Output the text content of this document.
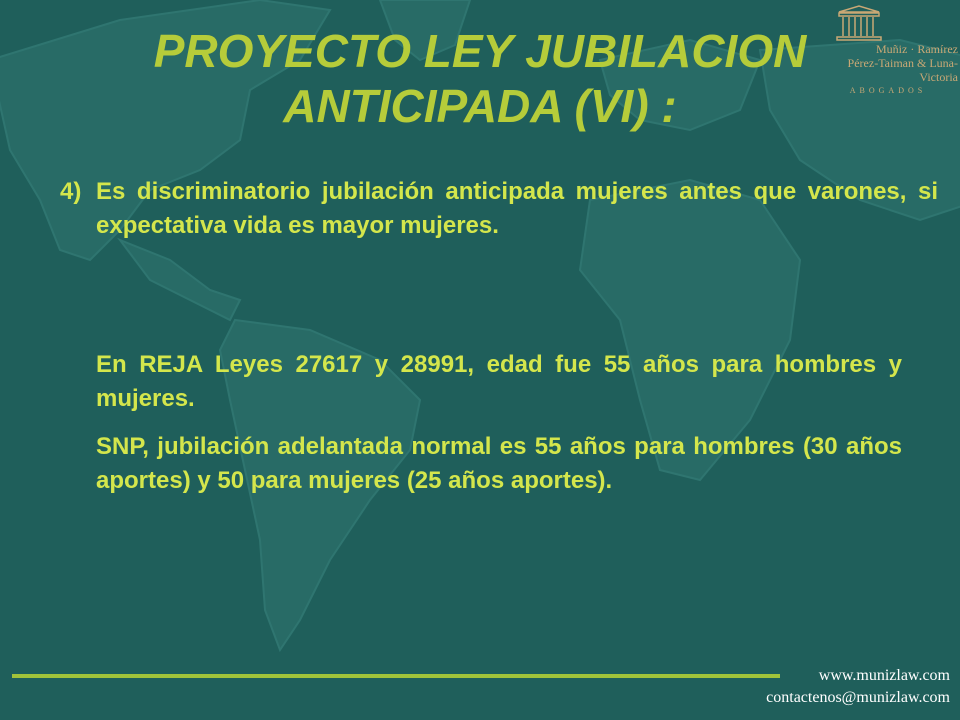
Muñiz · Ramírez
Pérez-Taiman & Luna-Victoria
ABOGADOS
PROYECTO LEY JUBILACION
ANTICIPADA (VI) :

4) Es discriminatorio jubilación anticipada mujeres antes que varones, si expectativa vida es mayor mujeres.

En REJA Leyes 27617 y 28991, edad fue 55 años para hombres y mujeres.

SNP, jubilación adelantada normal es 55 años para hombres (30 años aportes) y 50 para mujeres (25 años aportes).

www.munizlaw.com
contactenos@munizlaw.com
